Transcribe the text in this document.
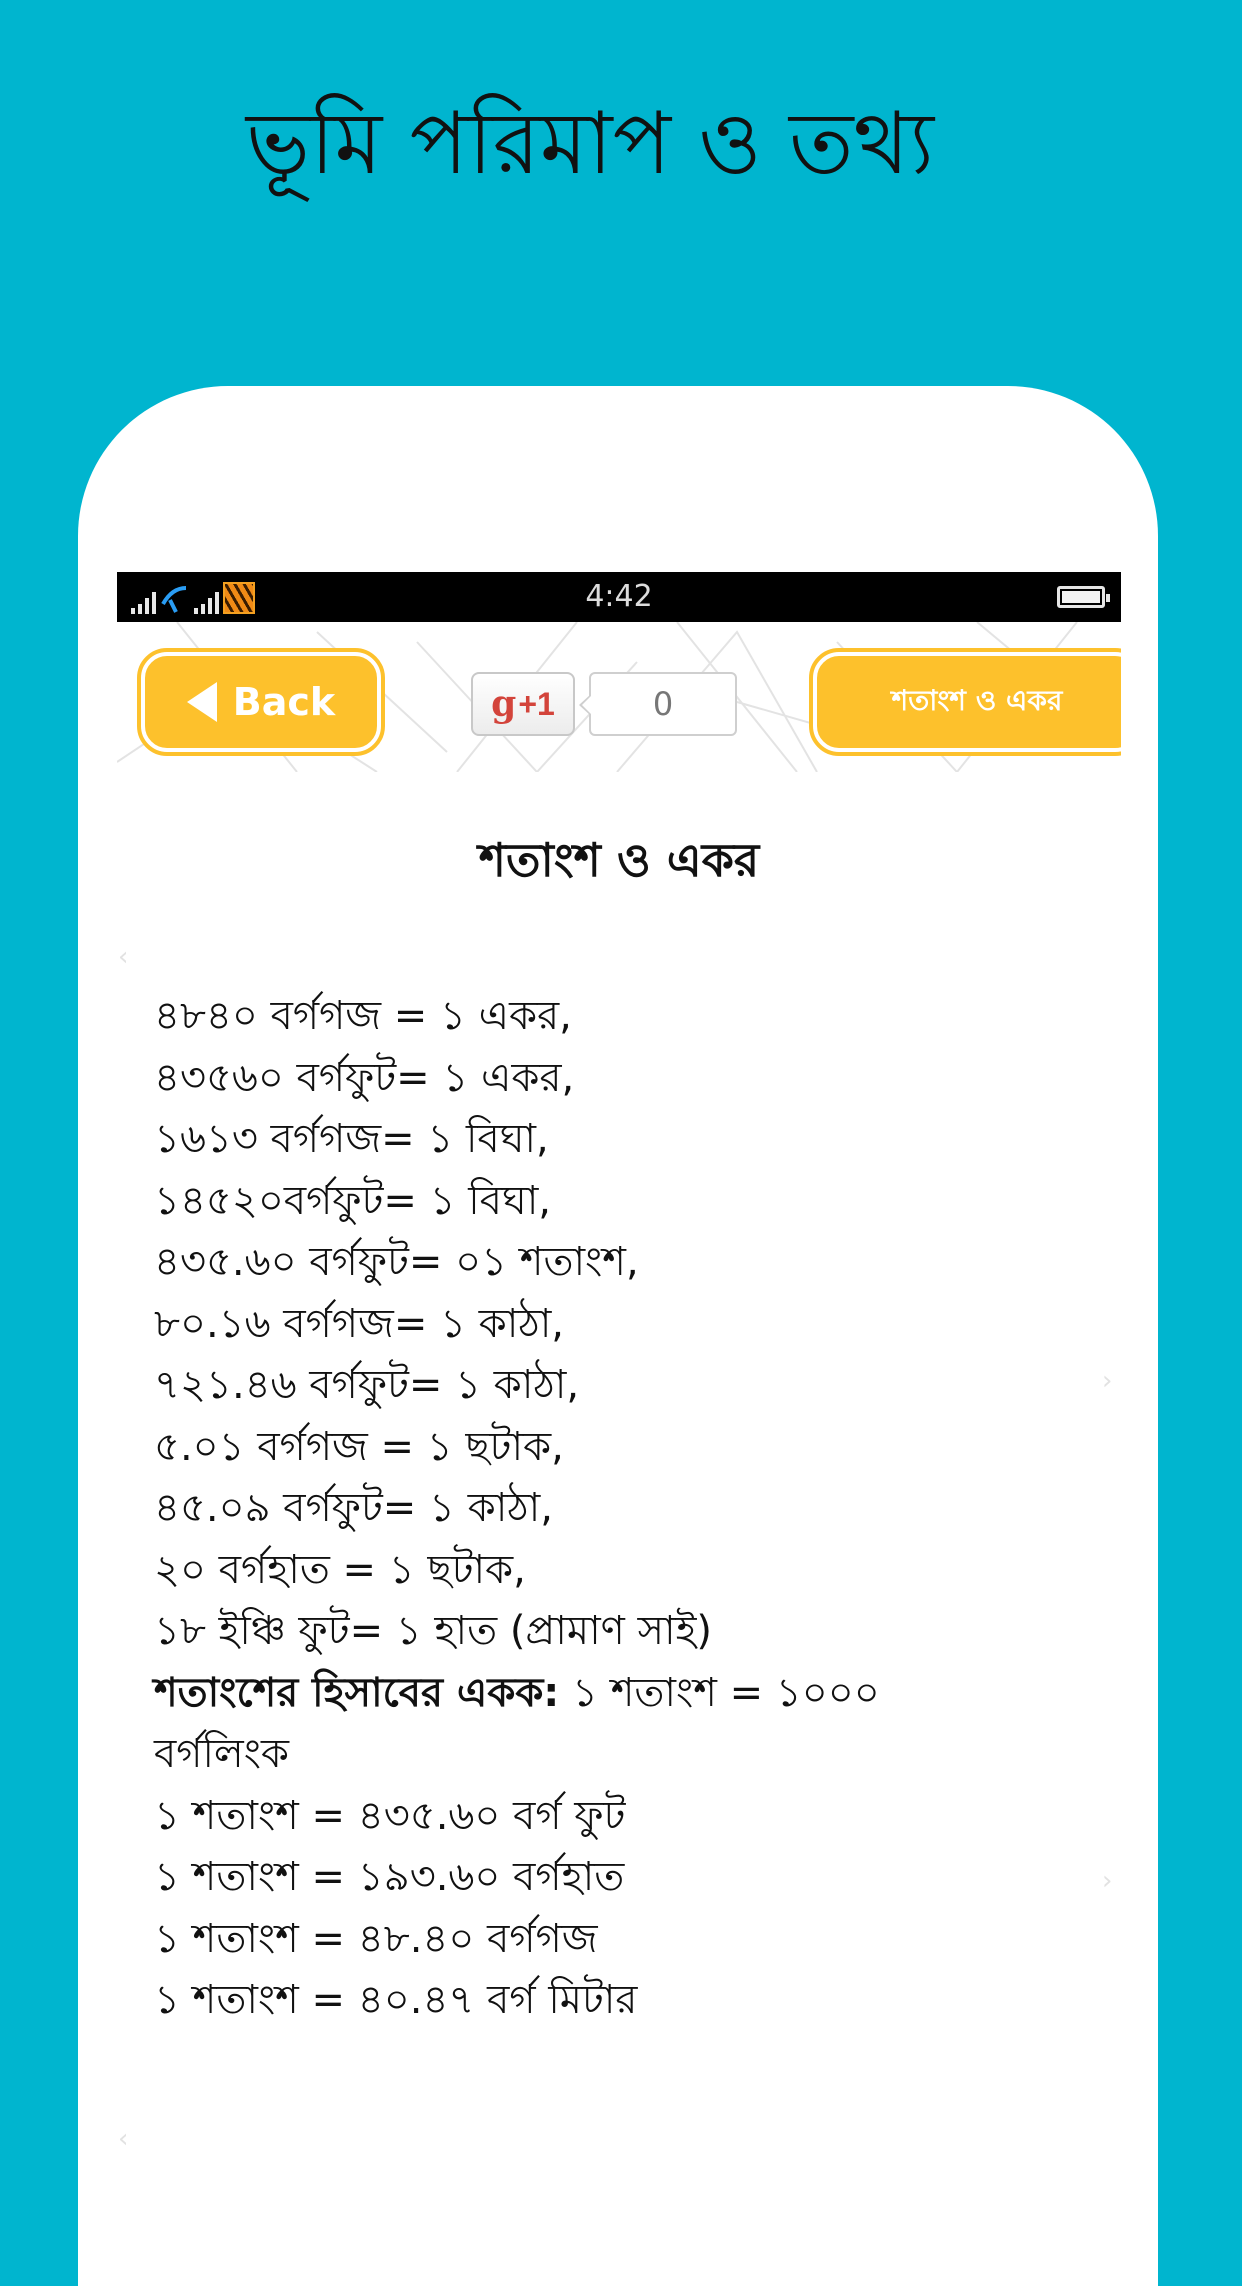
ভূমি পরিমাপ ও তথ্য
4:42
Back	g +1	0	শতাংশ ও একর
‹
›
›
‹
শতাংশ ও একর
৪৮৪০ বর্গগজ = ১ একর,
৪৩৫৬০ বর্গফুট= ১ একর,
১৬১৩ বর্গগজ= ১ বিঘা,
১৪৫২০বর্গফুট= ১ বিঘা,
৪৩৫.৬০ বর্গফুট= ০১ শতাংশ,
৮০.১৬ বর্গগজ= ১ কাঠা,
৭২১.৪৬ বর্গফুট= ১ কাঠা,
৫.০১ বর্গগজ = ১ ছটাক,
৪৫.০৯ বর্গফুট= ১ কাঠা,
২০ বর্গহাত = ১ ছটাক,
১৮ ইঞ্চি ফুট= ১ হাত (প্রামাণ সাই)
শতাংশের হিসাবের একক: ১ শতাংশ = ১০০০
বর্গলিংক
১ শতাংশ = ৪৩৫.৬০ বর্গ ফুট
১ শতাংশ = ১৯৩.৬০ বর্গহাত
১ শতাংশ = ৪৮.৪০ বর্গগজ
১ শতাংশ = ৪০.৪৭ বর্গ মিটার
